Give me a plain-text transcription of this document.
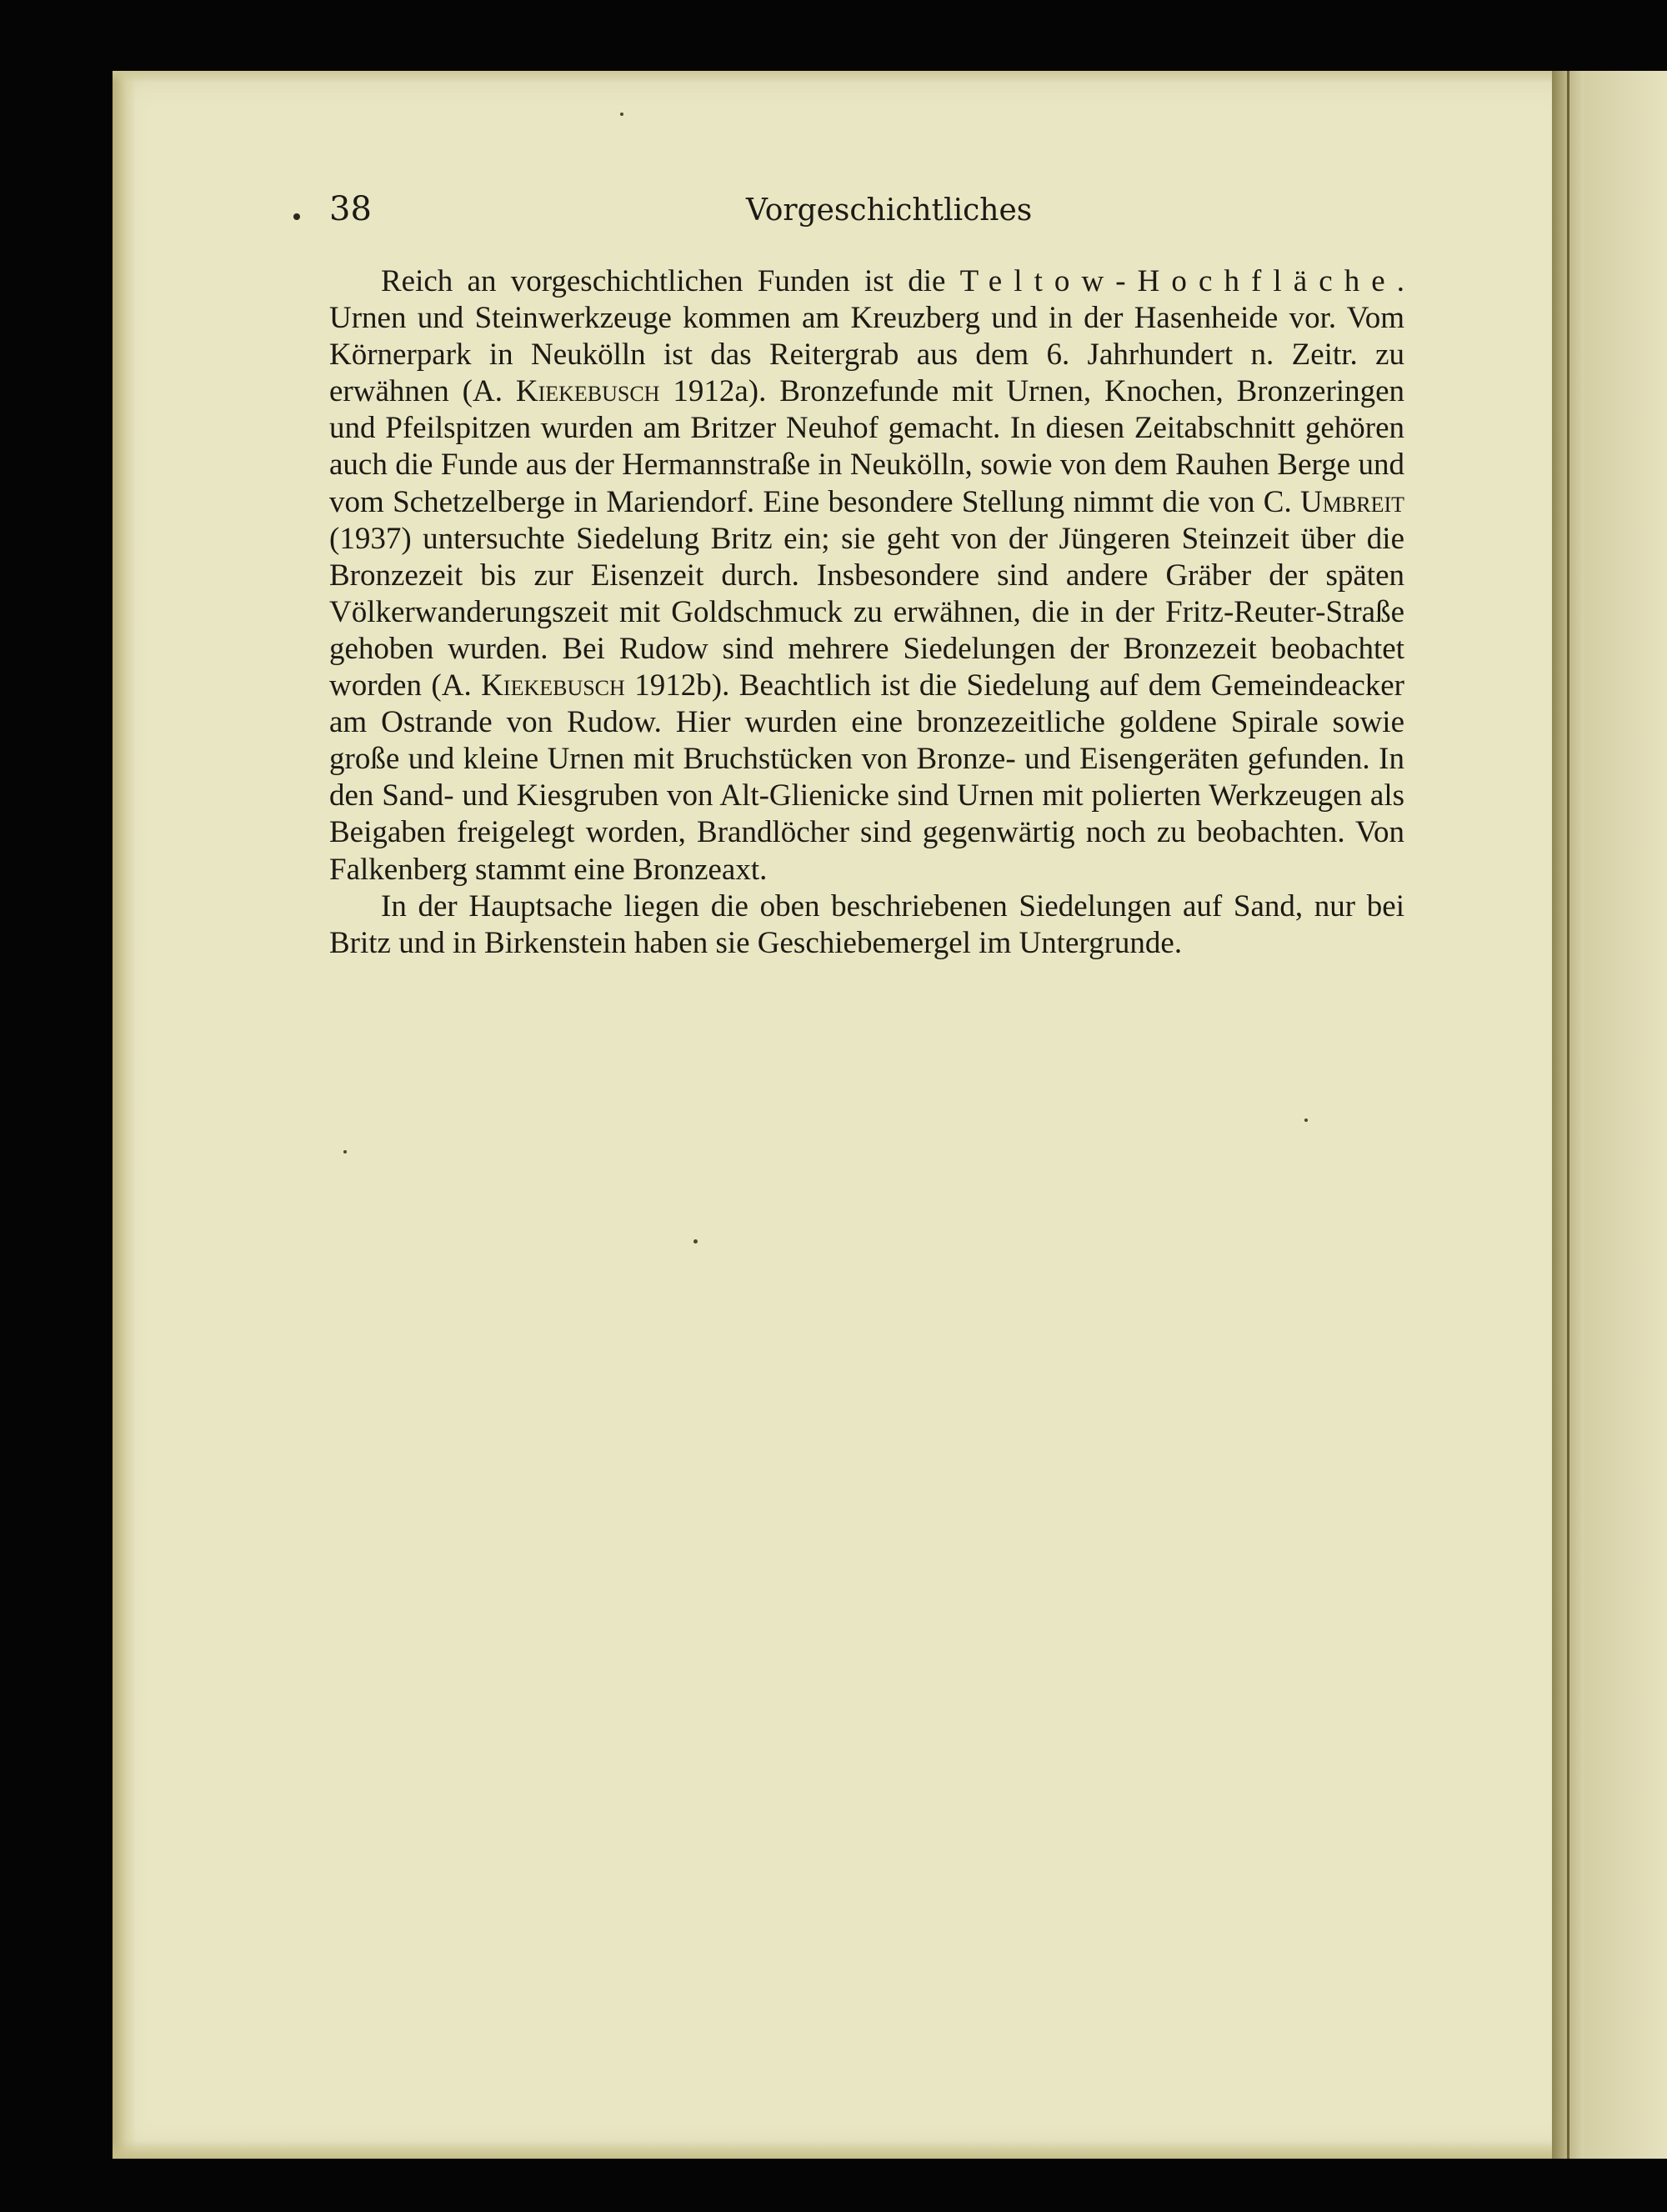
38	Vorgeschichtliches

Reich an vorgeschichtlichen Funden ist die Teltow-Hochfläche. Urnen und Steinwerkzeuge kommen am Kreuzberg und in der Hasenheide vor. Vom Körnerpark in Neukölln ist das Reitergrab aus dem 6. Jahrhundert n. Zeitr. zu erwähnen (A. Kiekebusch 1912a). Bronzefunde mit Urnen, Knochen, Bronzeringen und Pfeilspitzen wurden am Britzer Neuhof gemacht. In diesen Zeitabschnitt gehören auch die Funde aus der Hermannstraße in Neukölln, sowie von dem Rauhen Berge und vom Schetzelberge in Mariendorf. Eine besondere Stellung nimmt die von C. Umbreit (1937) untersuchte Siedelung Britz ein; sie geht von der Jüngeren Steinzeit über die Bronzezeit bis zur Eisenzeit durch. Insbesondere sind andere Gräber der späten Völkerwanderungszeit mit Goldschmuck zu erwähnen, die in der Fritz-Reuter-Straße gehoben wurden. Bei Rudow sind mehrere Siedelungen der Bronzezeit beobachtet worden (A. Kiekebusch 1912b). Beachtlich ist die Siedelung auf dem Gemeindeacker am Ostrande von Rudow. Hier wurden eine bronzezeitliche goldene Spirale sowie große und kleine Urnen mit Bruchstücken von Bronze- und Eisengeräten gefunden. In den Sand- und Kiesgruben von Alt-Glienicke sind Urnen mit polierten Werkzeugen als Beigaben freigelegt worden, Brandlöcher sind gegenwärtig noch zu beobachten. Von Falkenberg stammt eine Bronzeaxt.

In der Hauptsache liegen die oben beschriebenen Siedelungen auf Sand, nur bei Britz und in Birkenstein haben sie Geschiebemergel im Untergrunde.
